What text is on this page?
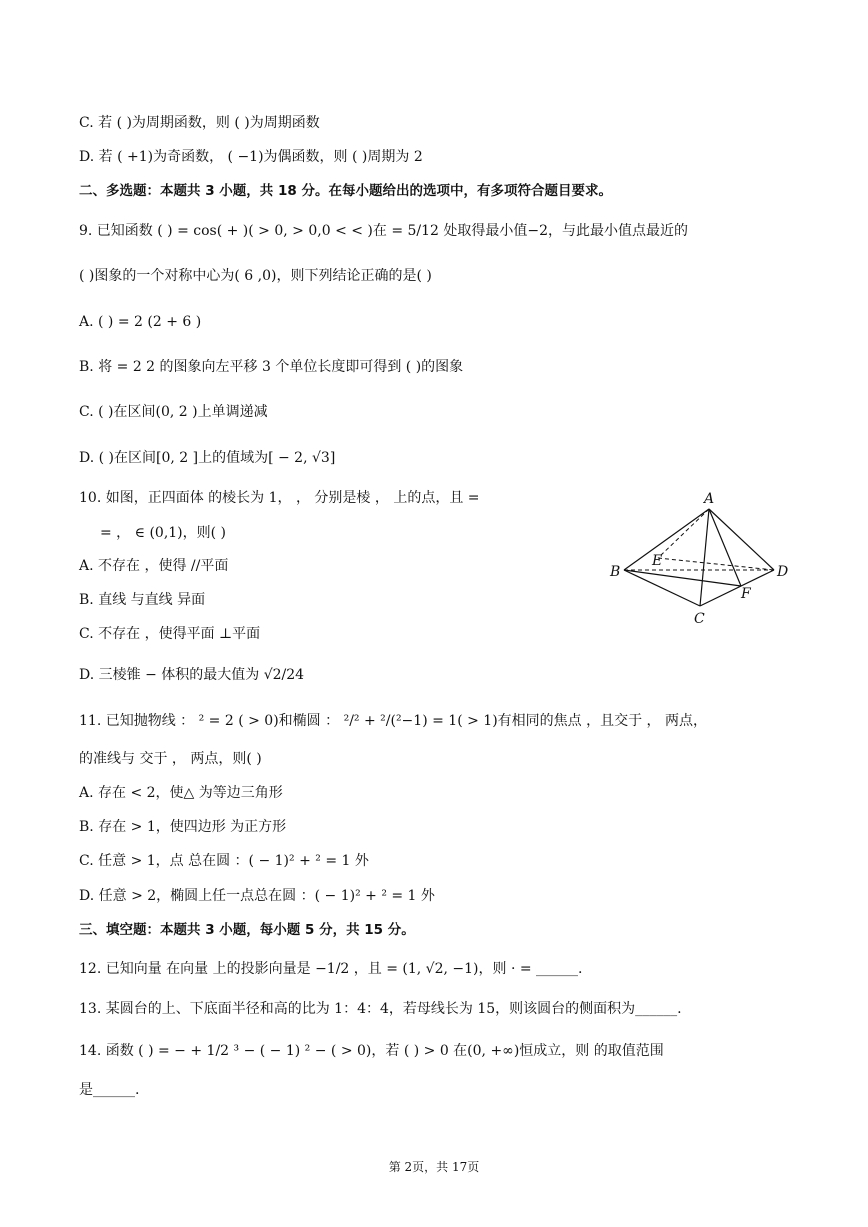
C. 若 ( )为周期函数，则 ( )为周期函数
D. 若 ( +1)为奇函数， ( −1)为偶函数，则 ( )周期为 2
二、多选题：本题共 3 小题，共 18 分。在每小题给出的选项中，有多项符合题目要求。
9. 已知函数 ( ) = cos( + )( > 0, > 0,0 < < )在 = 5/12 处取得最小值−2，与此最小值点最近的
( )图象的一个对称中心为( 6 ,0)，则下列结论正确的是( )
A. ( ) = 2 (2 + 6 )
B. 将 = 2 2 的图象向左平移 3 个单位长度即可得到 ( )的图象
C. ( )在区间(0, 2 )上单调递减
D. ( )在区间[0, 2 ]上的值域为[ − 2, √3]
10. 如图，正四面体 的棱长为 1， ， 分别是棱 ， 上的点，且 =
= ， ∈ (0,1)，则( )
A. 不存在 ，使得 //平面
B. 直线 与直线 异面
C. 不存在 ，使得平面 ⊥平面
D. 三棱锥 − 体积的最大值为 √2/24
11. 已知抛物线 ： ² = 2 ( > 0)和椭圆 ： ²/² + ²/(²−1) = 1( > 1)有相同的焦点 ，且交于 ， 两点，
的准线与 交于 ， 两点，则( )
A. 存在 < 2，使△ 为等边三角形
B. 存在 > 1，使四边形 为正方形
C. 任意 > 1，点 总在圆 ：( − 1)² + ² = 1 外
D. 任意 > 2，椭圆上任一点总在圆 ：( − 1)² + ² = 1 外
三、填空题：本题共 3 小题，每小题 5 分，共 15 分。
12. 已知向量 在向量 上的投影向量是 −1/2 ，且 = (1, √2, −1)，则 · = ______.
13. 某圆台的上、下底面半径和高的比为 1：4：4，若母线长为 15，则该圆台的侧面积为______.
14. 函数 ( ) = − + 1/2 ³ − ( − 1) ² − ( > 0)，若 ( ) > 0 在(0, +∞)恒成立，则 的取值范围
是______.
A
B
C
D
E
F
第 2页，共 17页
